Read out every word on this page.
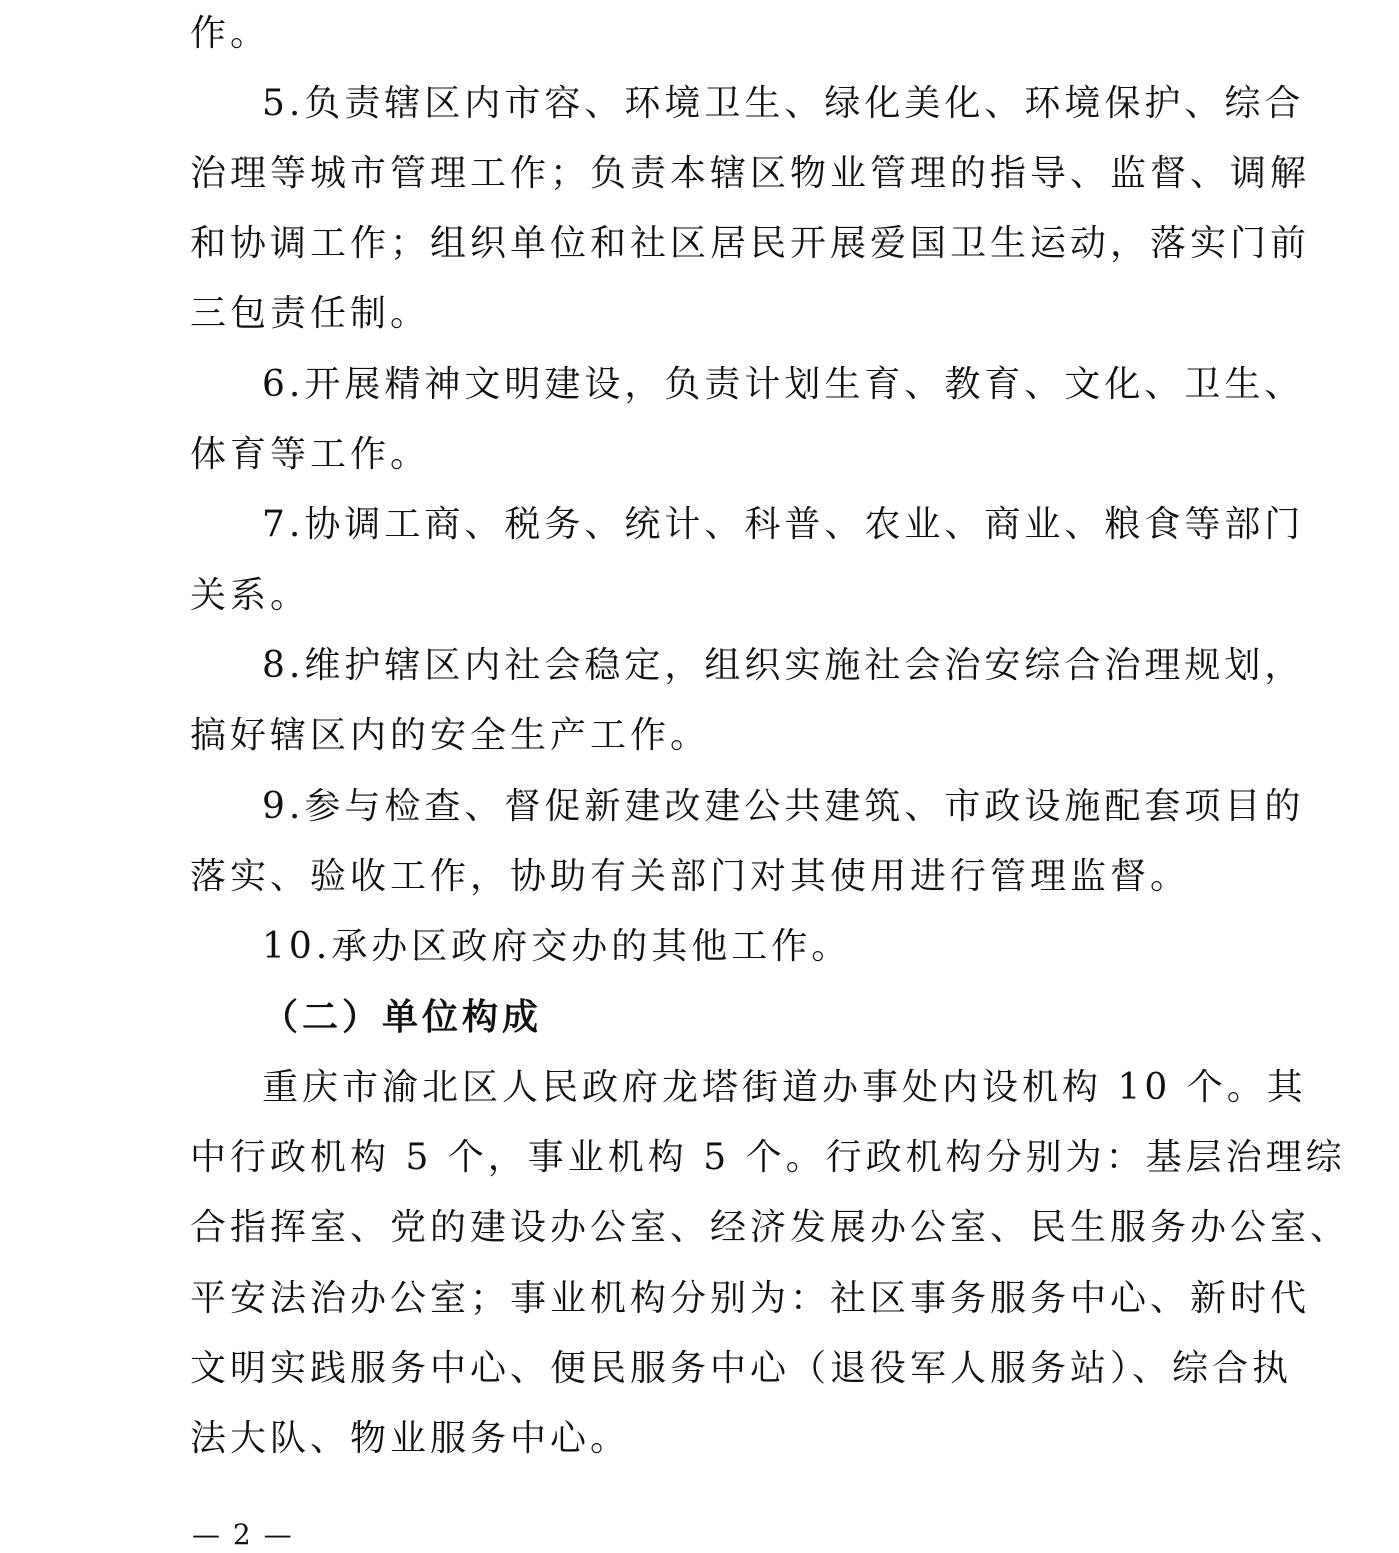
作。

5.负责辖区内市容、环境卫生、绿化美化、环境保护、综合

治理等城市管理工作；负责本辖区物业管理的指导、监督、调解

和协调工作；组织单位和社区居民开展爱国卫生运动，落实门前

三包责任制。

6.开展精神文明建设，负责计划生育、教育、文化、卫生、

体育等工作。

7.协调工商、税务、统计、科普、农业、商业、粮食等部门

关系。

8.维护辖区内社会稳定，组织实施社会治安综合治理规划，

搞好辖区内的安全生产工作。

9.参与检查、督促新建改建公共建筑、市政设施配套项目的

落实、验收工作，协助有关部门对其使用进行管理监督。

10.承办区政府交办的其他工作。

（二）单位构成

重庆市渝北区人民政府龙塔街道办事处内设机构 10 个。其

中行政机构 5 个，事业机构 5 个。行政机构分别为：基层治理综

合指挥室、党的建设办公室、经济发展办公室、民生服务办公室、

平安法治办公室；事业机构分别为：社区事务服务中心、新时代

文明实践服务中心、便民服务中心（退役军人服务站）、综合执

法大队、物业服务中心。

— 2 —
